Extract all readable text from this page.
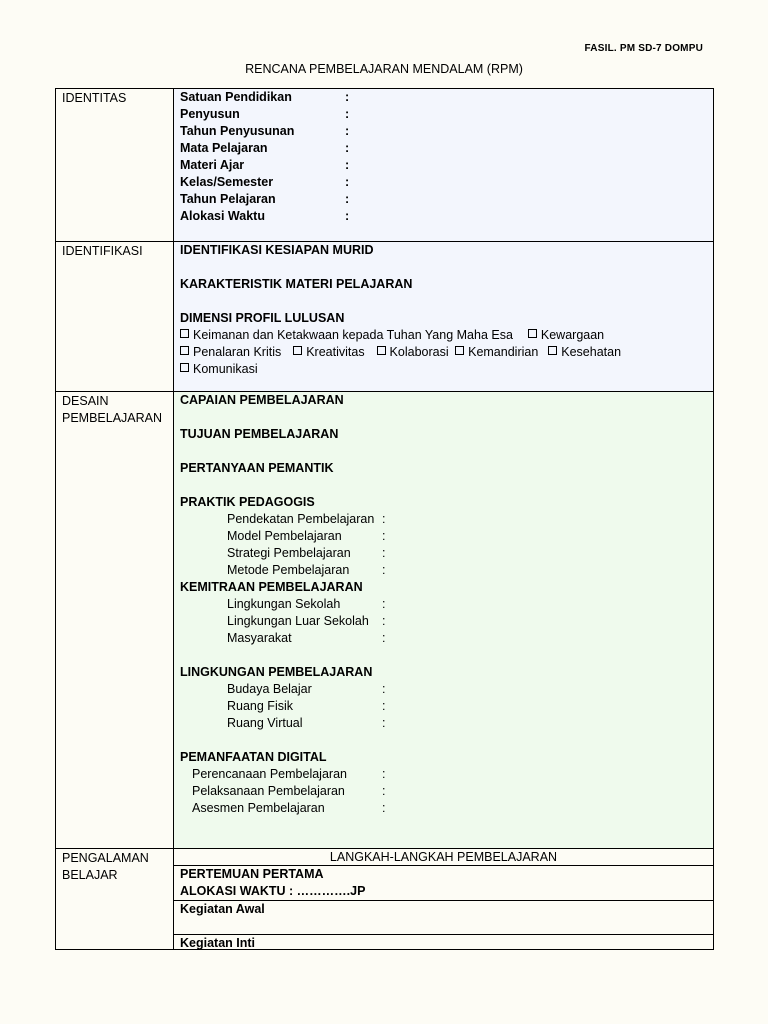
FASIL. PM SD-7 DOMPU
RENCANA PEMBELAJARAN MENDALAM (RPM)
IDENTITAS	Satuan Pendidikan	:
Penyusun	:
Tahun Penyusunan	:
Mata Pelajaran	:
Materi Ajar	:
Kelas/Semester	:
Tahun Pelajaran	:
Alokasi Waktu	:
IDENTIFIKASI	IDENTIFIKASI KESIAPAN MURID
KARAKTERISTIK MATERI PELAJARAN
DIMENSI PROFIL LULUSAN
Keimanan dan Ketakwaan kepada Tuhan Yang Maha Esa Kewargaan
Penalaran Kritis Kreativitas Kolaborasi Kemandirian Kesehatan
Komunikasi
DESAIN
PEMBELAJARAN
CAPAIAN PEMBELAJARAN
TUJUAN PEMBELAJARAN
PERTANYAAN PEMANTIK
PRAKTIK PEDAGOGIS
Pendekatan Pembelajaran :
Model Pembelajaran	:
Strategi Pembelajaran	:
Metode Pembelajaran	:
KEMITRAAN PEMBELAJARAN
Lingkungan Sekolah	:
Lingkungan Luar Sekolah :
Masyarakat	:
LINGKUNGAN PEMBELAJARAN
Budaya Belajar	:
Ruang Fisik	:
Ruang Virtual	:
PEMANFAATAN DIGITAL
Perencanaan Pembelajaran	:
Pelaksanaan Pembelajaran	:
Asesmen Pembelajaran	:
PENGALAMAN
BELAJAR
LANGKAH-LANGKAH PEMBELAJARAN
PERTEMUAN PERTAMA
ALOKASI WAKTU : ………….JP
Kegiatan Awal
Kegiatan Inti
